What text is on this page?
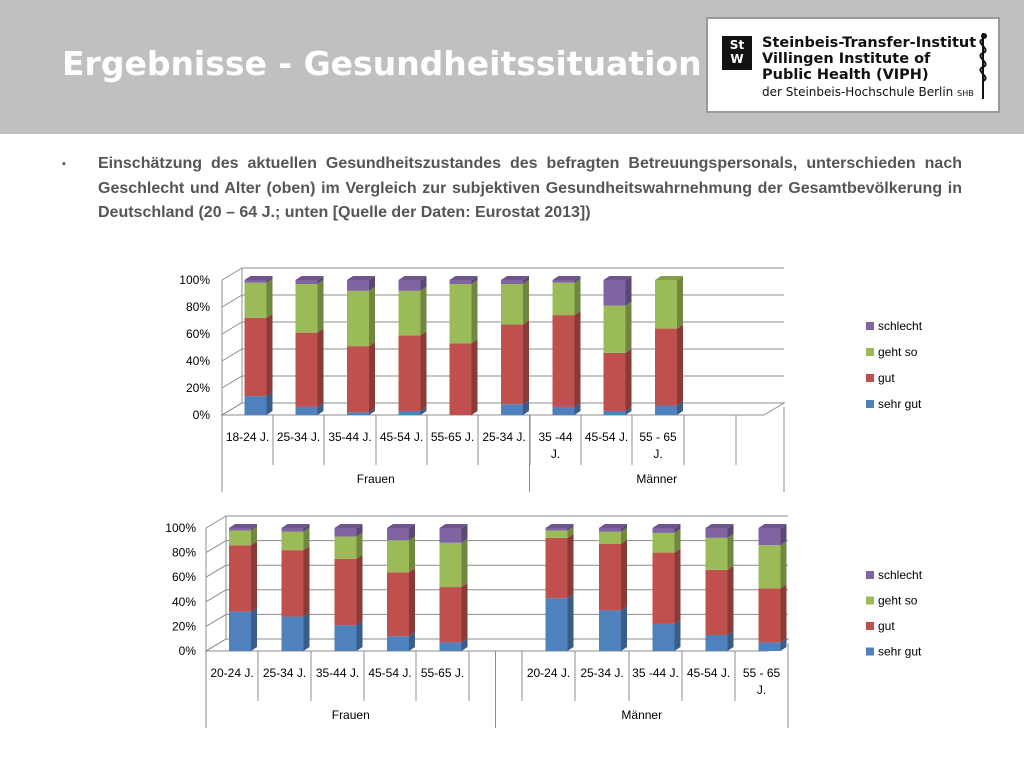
Ergebnisse - Gesundheitssituation	St W
Steinbeis-Transfer-Institut
Villingen Institute of
Public Health (VIPH)
der Steinbeis-Hochschule Berlin SHB
▪ Einschätzung des aktuellen Gesundheitszustandes des befragten Betreuungspersonals, unterschieden nach Geschlecht und Alter (oben) im Vergleich zur subjektiven Gesundheitswahrnehmung der Gesamtbevölkerung in Deutschland (20 – 64 J.; unten [Quelle der Daten: Eurostat 2013])
0%
20%
40%
60%
80%
100%
Frauen	Männer
18-24 J. 25-34 J. 35-44 J. 45-54 J. 55-65 J. 25-34 J. 35 -44
J.
45-54 J. 55 - 65
J.
schlecht
geht so
gut
sehr gut
0%
20%
40%
60%
80%
100%
Frauen	Männer
20-24 J. 25-34 J. 35-44 J. 45-54 J. 55-65 J.	20-24 J. 25-34 J. 35 -44 J. 45-54 J. 55 - 65
J.
schlecht
geht so
gut
sehr gut
